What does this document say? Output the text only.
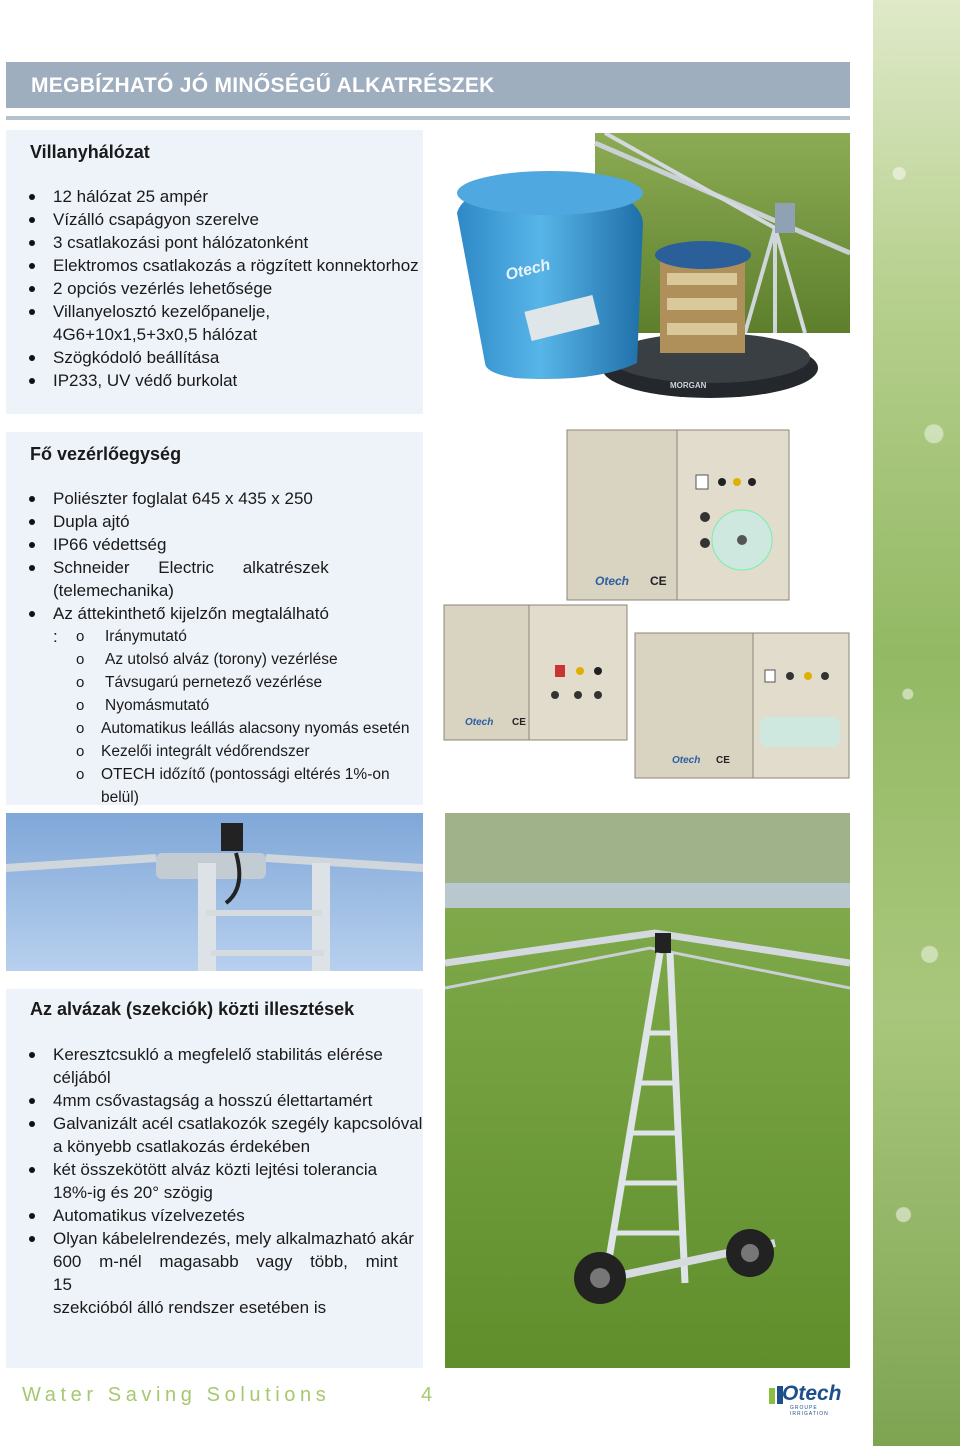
MEGBÍZHATÓ JÓ MINŐSÉGŰ ALKATRÉSZEK
Villanyhálózat
12 hálózat 25 ampér
Vízálló csapágyon szerelve
3 csatlakozási pont hálózatonként
Elektromos csatlakozás a rögzített konnektorhoz
2 opciós vezérlés lehetősége
Villanyelosztó kezelőpanelje,
4G6+10x1,5+3x0,5 hálózat
Szögkódoló beállítása
IP233, UV védő burkolat
Otech
MORGAN
Fő vezérlőegység
Poliészter foglalat 645 x 435 x 250
Dupla ajtó
IP66 védettség
Schneider Electric alkatrészek
(telemechanika)
Az áttekinthető kijelzőn megtalálható :
o	Iránymutató
o Az utolsó alváz (torony) vezérlése
o Távsugarú pernetező vezérlése
o Nyomásmutató
o Automatikus leállás alacsony nyomás esetén
o Kezelői integrált védőrendszer
o OTECH időzítő (pontossági eltérés 1%-on belül)
Otech CE
Otech CE
Otech CE
Az alvázak (szekciók) közti illesztések
Keresztcsukló a megfelelő stabilitás elérése
céljából
4mm csővastagság a hosszú élettartamért
Galvanizált acél csatlakozók szegély kapcsolóval
a könyebb csatlakozás érdekében
két összekötött alváz közti lejtési tolerancia
18%-ig és 20° szögig
Automatikus vízelvezetés
Olyan kábelelrendezés, mely alkalmazható akár
600 m-nél magasabb vagy több, mint 15
szekcióból álló rendszer esetében is
Water Saving Solutions	4	Otech
GROUPE IRRIGATION
